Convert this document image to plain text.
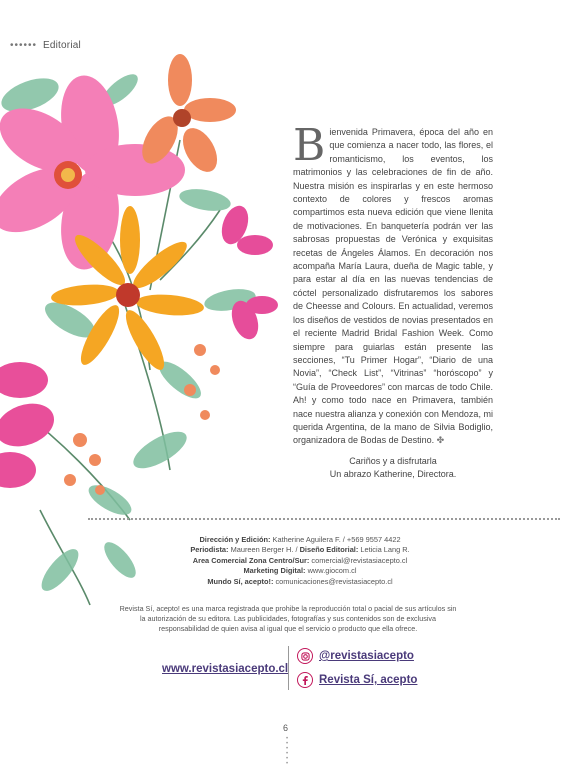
•••••• Editorial
Bienvenida Primavera, época del año en que comienza a nacer todo, las flores, el romanticismo, los eventos, los matrimonios y las celebraciones de fin de año. Nuestra misión es inspirarlas y en este hermoso contexto de colores y frescos aromas compartimos esta nueva edición que viene llenita de motivaciones. En banquetería podrán ver las sabrosas propuestas de Verónica y exquisitas recetas de Ángeles Álamos. En decoración nos acompaña María Laura, dueña de Magic table, y para estar al día en las nuevas tendencias de cóctel personalizado disfrutaremos los sabores de Cheesse and Colours. En actualidad, veremos los diseños de vestidos de novias presentados en el reciente Madrid Bridal Fashion Week. Como siempre para guiarlas están presente las secciones, “Tu Primer Hogar”, “Diario de una Novia”, “Check List”, “Vitrinas” “horóscopo” y “Guía de Proveedores” con marcas de todo Chile. Ah! y como todo nace en Primavera, también nace nuestra alianza y conexión con Mendoza, mi querida Argentina, de la mano de Silvia Bodiglio, organizadora de Bodas de Destino. ✤
Cariños y a disfrutarla
Un abrazo Katherine, Directora.
Dirección y Edición: Katherine Aguilera F. / +569 9557 4422
Periodista: Maureen Berger H. / Diseño Editorial: Leticia Lang R.
Area Comercial Zona Centro/Sur: comercial@revistasiacepto.cl
Marketing Digital: www.giocom.cl
Mundo Sí, acepto!: comunicaciones@revistasiacepto.cl
Revista Sí, acepto! es una marca registrada que prohibe la reproducción total o pacial de sus artículos sin la autorización de su editora. Las publicidades, fotografías y sus contenidos son de exclusiva responsabilidad de quien avisa al igual que el servicio o producto que ella ofrece.
www.revistasiacepto.cl
@revistasiacepto
Revista Sí, acepto
6
•
•
•
•
•
•
